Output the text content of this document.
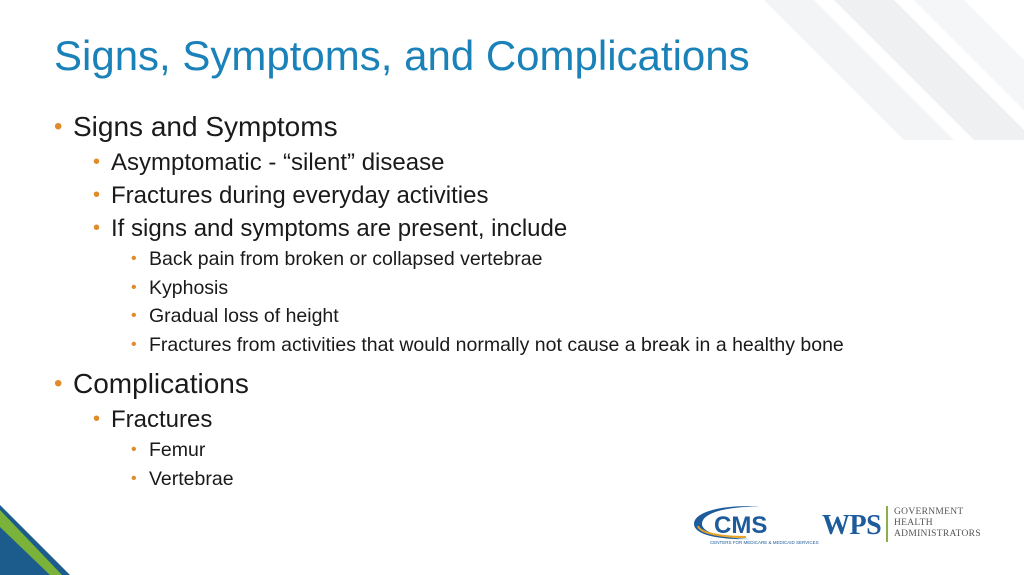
Signs, Symptoms, and Complications
• Signs and Symptoms
• Asymptomatic - “silent” disease
• Fractures during everyday activities
• If signs and symptoms are present, include
• Back pain from broken or collapsed vertebrae
• Kyphosis
• Gradual loss of height
• Fractures from activities that would normally not cause a break in a healthy bone
• Complications
• Fractures
• Femur
• Vertebrae
CMS
CENTERS FOR MEDICARE & MEDICAID SERVICES
WPS GOVERNMENT
HEALTH
ADMINISTRATORS
